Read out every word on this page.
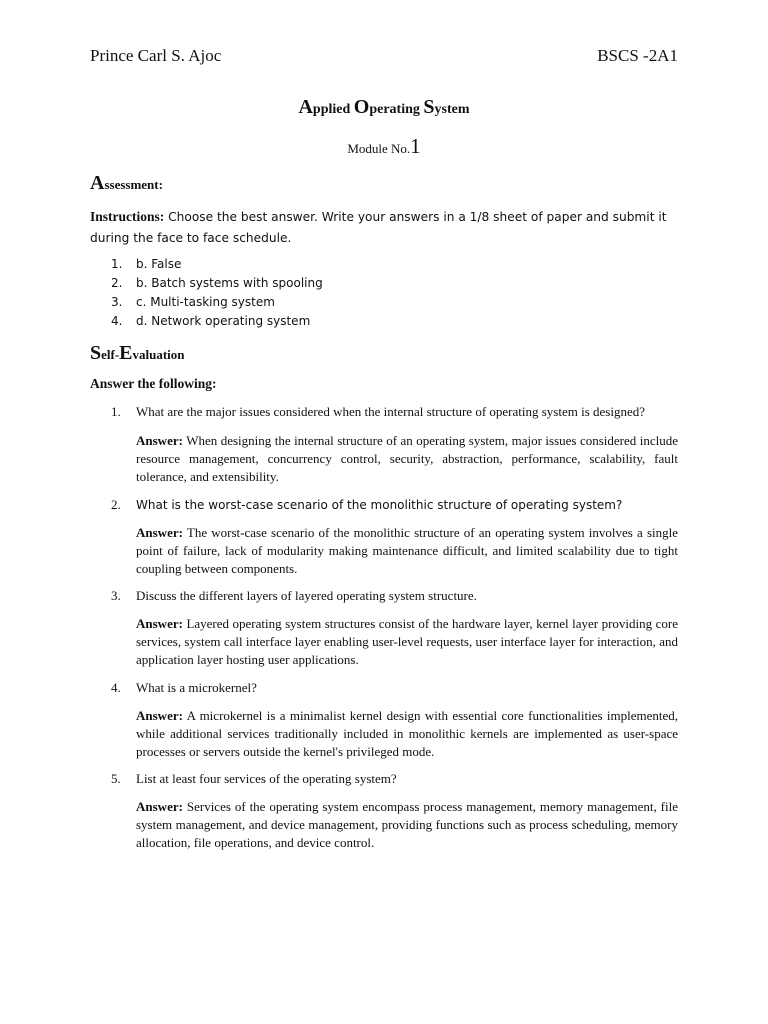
Prince Carl S. Ajoc	BSCS -2A1
Applied Operating System
Module No.1
Assessment:
Instructions: Choose the best answer. Write your answers in a 1/8 sheet of paper and submit it during the face to face schedule.
1. b. False
2. b. Batch systems with spooling
3. c. Multi-tasking system
4. d. Network operating system
Self-Evaluation
Answer the following:
1. What are the major issues considered when the internal structure of operating system is designed?
Answer: When designing the internal structure of an operating system, major issues considered include resource management, concurrency control, security, abstraction, performance, scalability, fault tolerance, and extensibility.
2. What is the worst-case scenario of the monolithic structure of operating system?
Answer: The worst-case scenario of the monolithic structure of an operating system involves a single point of failure, lack of modularity making maintenance difficult, and limited scalability due to tight coupling between components.
3. Discuss the different layers of layered operating system structure.
Answer: Layered operating system structures consist of the hardware layer, kernel layer providing core services, system call interface layer enabling user-level requests, user interface layer for interaction, and application layer hosting user applications.
4. What is a microkernel?
Answer: A microkernel is a minimalist kernel design with essential core functionalities implemented, while additional services traditionally included in monolithic kernels are implemented as user-space processes or servers outside the kernel's privileged mode.
5. List at least four services of the operating system?
Answer: Services of the operating system encompass process management, memory management, file system management, and device management, providing functions such as process scheduling, memory allocation, file operations, and device control.
